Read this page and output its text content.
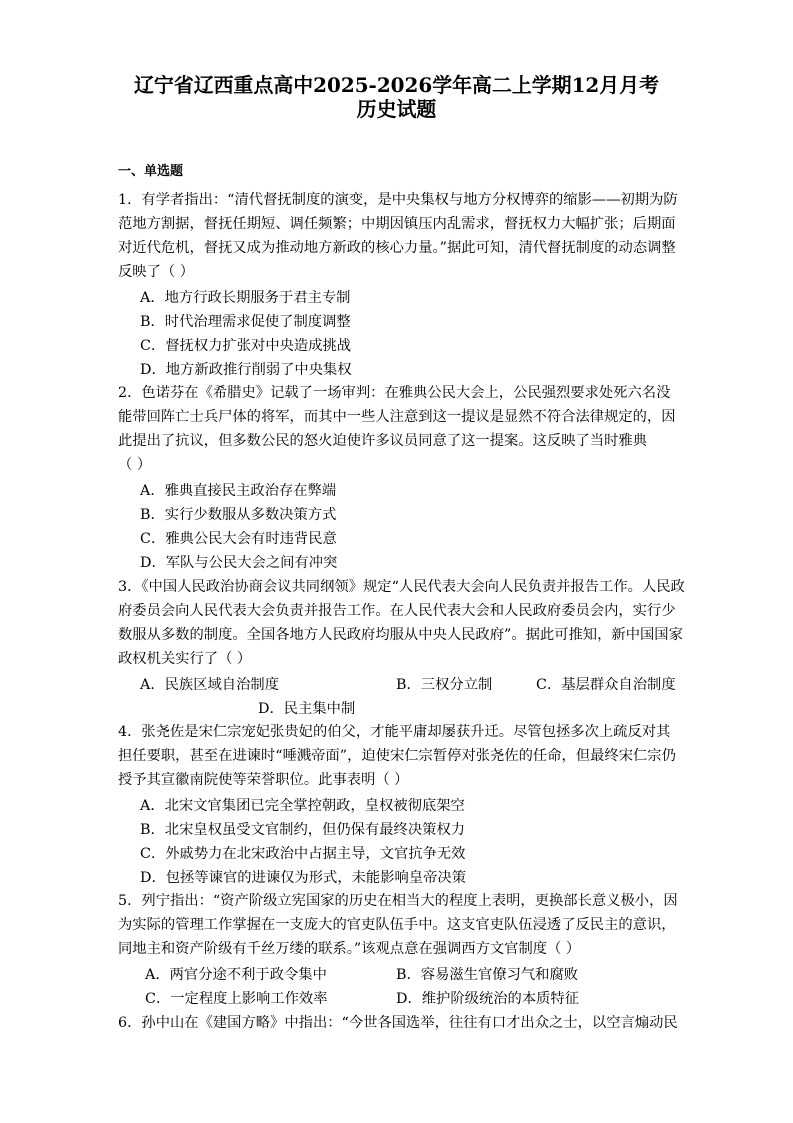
辽宁省辽西重点高中2025-2026学年高二上学期12月月考
历史试题
一、单选题
1．有学者指出：“清代督抚制度的演变，是中央集权与地方分权博弈的缩影——初期为防
范地方割据，督抚任期短、调任频繁；中期因镇压内乱需求，督抚权力大幅扩张；后期面
对近代危机，督抚又成为推动地方新政的核心力量。”据此可知，清代督抚制度的动态调整
反映了（ ）
A．地方行政长期服务于君主专制
B．时代治理需求促使了制度调整
C．督抚权力扩张对中央造成挑战
D．地方新政推行削弱了中央集权
2．色诺芬在《希腊史》记载了一场审判：在雅典公民大会上，公民强烈要求处死六名没
能带回阵亡士兵尸体的将军，而其中一些人注意到这一提议是显然不符合法律规定的，因
此提出了抗议，但多数公民的怒火迫使许多议员同意了这一提案。这反映了当时雅典
（ ）
A．雅典直接民主政治存在弊端
B．实行少数服从多数决策方式
C．雅典公民大会有时违背民意
D．军队与公民大会之间有冲突
3．《中国人民政治协商会议共同纲领》规定“人民代表大会向人民负责并报告工作。人民政
府委员会向人民代表大会负责并报告工作。在人民代表大会和人民政府委员会内，实行少
数服从多数的制度。全国各地方人民政府均服从中央人民政府”。据此可推知，新中国国家
政权机关实行了（ ）
A．民族区域自治制度	B．三权分立制	C．基层群众自治制度
D．民主集中制
4．张尧佐是宋仁宗宠妃张贵妃的伯父，才能平庸却屡获升迁。尽管包拯多次上疏反对其
担任要职，甚至在进谏时“唾溅帝面”，迫使宋仁宗暂停对张尧佐的任命，但最终宋仁宗仍
授予其宣徽南院使等荣誉职位。此事表明（ ）
A．北宋文官集团已完全掌控朝政，皇权被彻底架空
B．北宋皇权虽受文官制约，但仍保有最终决策权力
C．外戚势力在北宋政治中占据主导，文官抗争无效
D．包拯等谏官的进谏仅为形式，未能影响皇帝决策
5．列宁指出：“资产阶级立宪国家的历史在相当大的程度上表明，更换部长意义极小，因
为实际的管理工作掌握在一支庞大的官吏队伍手中。这支官吏队伍浸透了反民主的意识，
同地主和资产阶级有千丝万缕的联系。”该观点意在强调西方文官制度（ ）
A．两官分途不利于政令集中	B．容易滋生官僚习气和腐败
C．一定程度上影响工作效率	D．维护阶级统治的本质特征
6．孙中山在《建国方略》中指出：“今世各国选举，往往有口才出众之士，以空言煽动民
